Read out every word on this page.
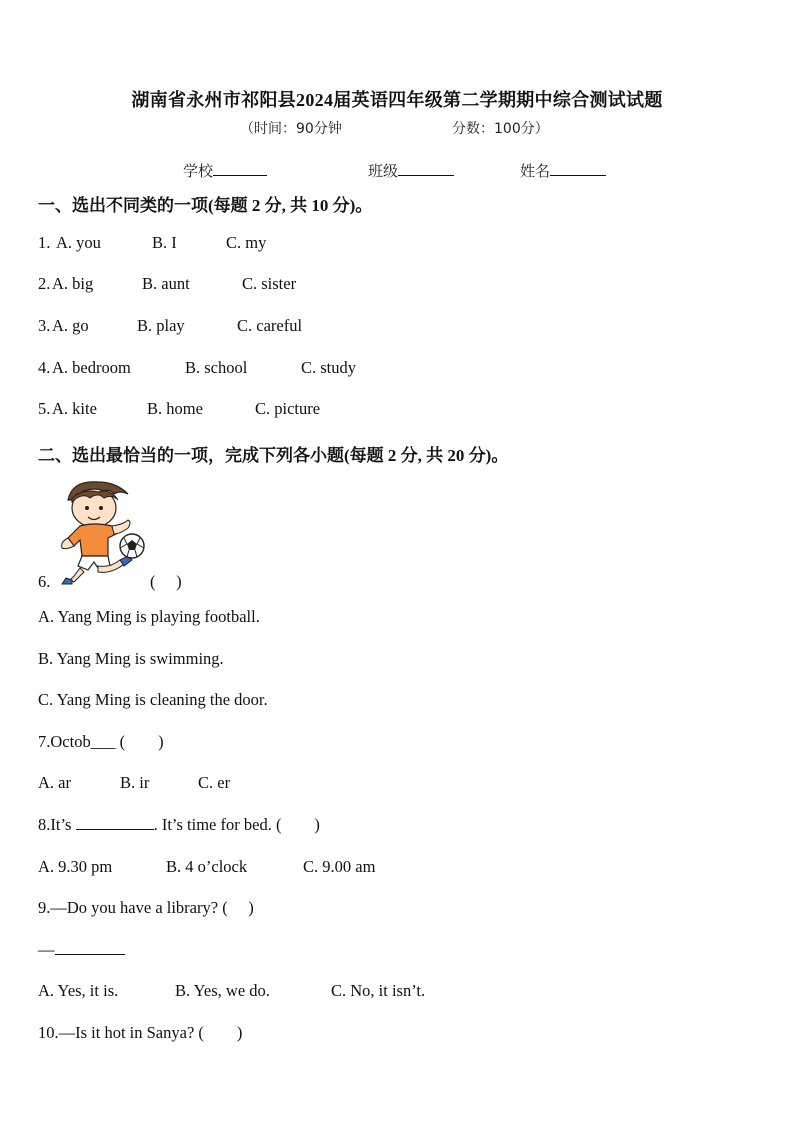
湖南省永州市祁阳县2024届英语四年级第二学期期中综合测试试题
（时间：90分钟	分数：100分）
学校	班级	姓名
一、选出不同类的一项(每题 2 分, 共 10 分)。
1. A. you	B. I	C. my
2. A. big	B. aunt	C. sister
3. A. go	B. play	C. careful
4. A. bedroom	B. school	C. study
5. A. kite	B. home	C. picture
二、选出最恰当的一项，完成下列各小题(每题 2 分, 共 20 分)。
6.	(　 )
A. Yang Ming is playing football.
B. Yang Ming is swimming.
C. Yang Ming is cleaning the door.
7.Octob___ (　　)
A. ar	B. ir	C. er
8.It’s	. It’s time for bed. (　　)
A. 9.30 pm	B. 4 o’clock	C. 9.00 am
9.—Do you have a library? (　 )
—
A. Yes, it is.	B. Yes, we do.	C. No, it isn’t.
10.—Is it hot in Sanya? (　　)
